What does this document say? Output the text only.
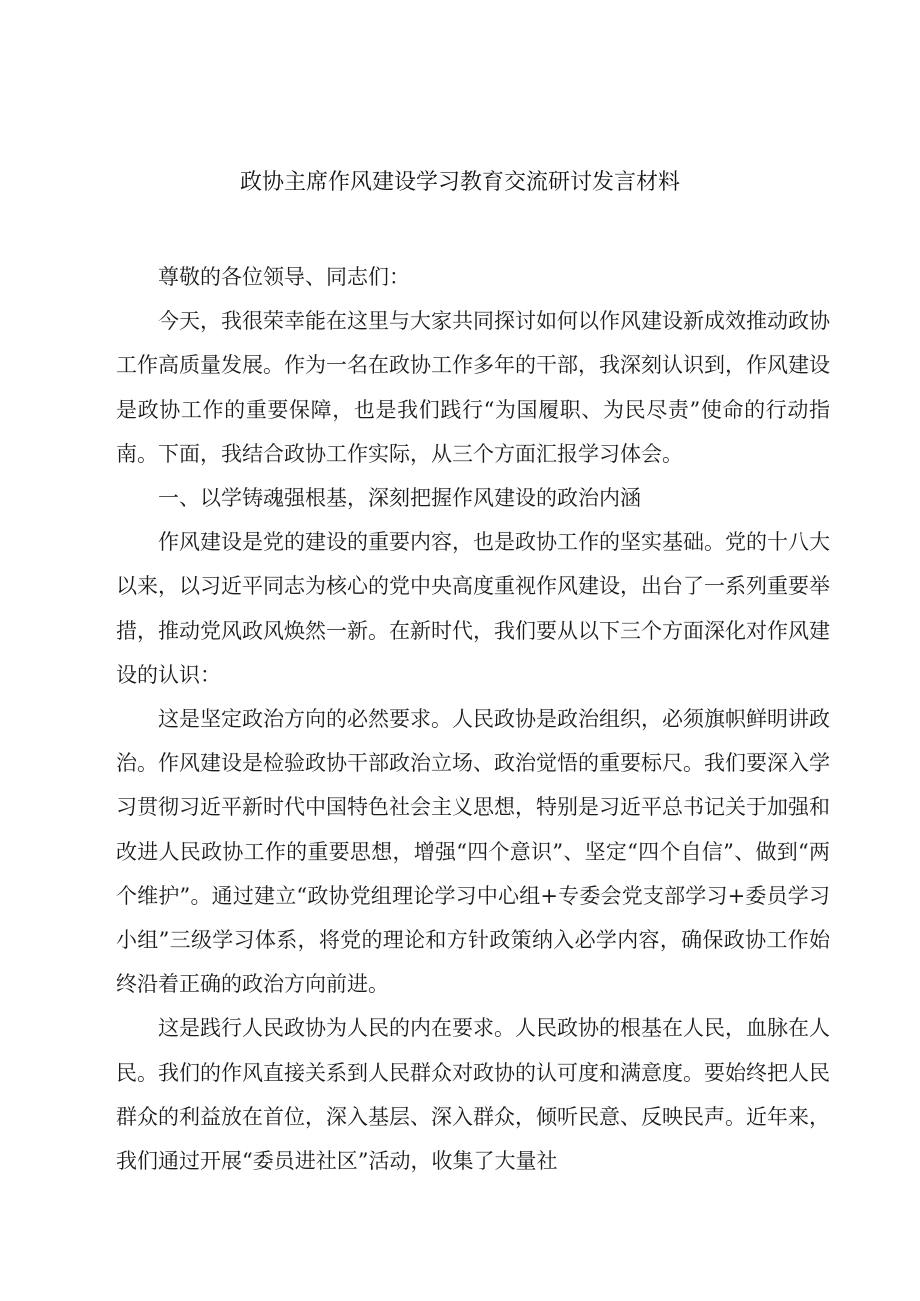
政协主席作风建设学习教育交流研讨发言材料

尊敬的各位领导、同志们：

今天，我很荣幸能在这里与大家共同探讨如何以作风建设新成效推动政协工作高质量发展。作为一名在政协工作多年的干部，我深刻认识到，作风建设是政协工作的重要保障，也是我们践行“为国履职、为民尽责”使命的行动指南。下面，我结合政协工作实际，从三个方面汇报学习体会。

一、以学铸魂强根基，深刻把握作风建设的政治内涵

作风建设是党的建设的重要内容，也是政协工作的坚实基础。党的十八大以来，以习近平同志为核心的党中央高度重视作风建设，出台了一系列重要举措，推动党风政风焕然一新。在新时代，我们要从以下三个方面深化对作风建设的认识：

这是坚定政治方向的必然要求。人民政协是政治组织，必须旗帜鲜明讲政治。作风建设是检验政协干部政治立场、政治觉悟的重要标尺。我们要深入学习贯彻习近平新时代中国特色社会主义思想，特别是习近平总书记关于加强和改进人民政协工作的重要思想，增强“四个意识”、坚定“四个自信”、做到“两个维护”。通过建立“政协党组理论学习中心组+专委会党支部学习+委员学习小组”三级学习体系，将党的理论和方针政策纳入必学内容，确保政协工作始终沿着正确的政治方向前进。

这是践行人民政协为人民的内在要求。人民政协的根基在人民，血脉在人民。我们的作风直接关系到人民群众对政协的认可度和满意度。要始终把人民群众的利益放在首位，深入基层、深入群众，倾听民意、反映民声。近年来，我们通过开展“委员进社区”活动，收集了大量社
